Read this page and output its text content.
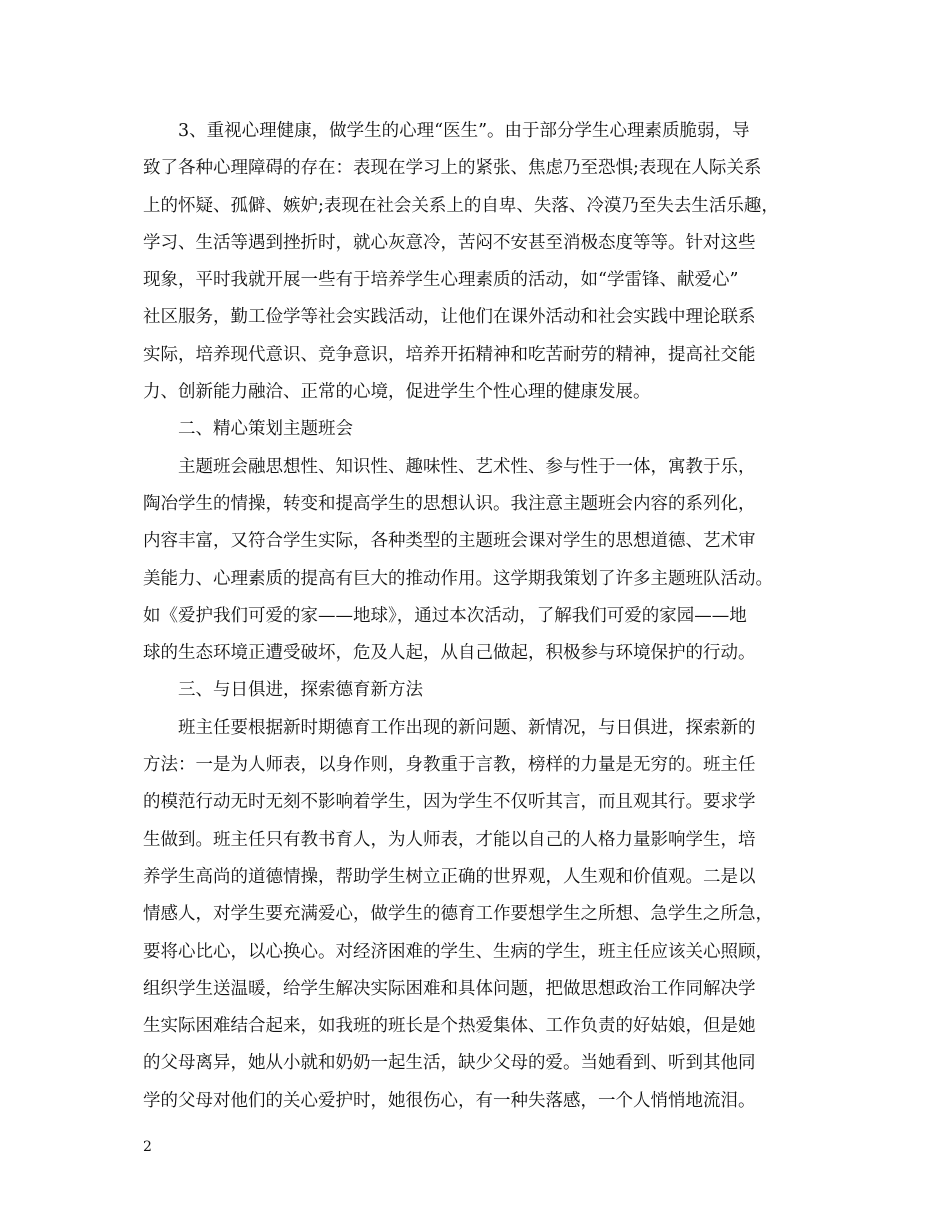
3、重视心理健康，做学生的心理“医生”。由于部分学生心理素质脆弱，导
致了各种心理障碍的存在：表现在学习上的紧张、焦虑乃至恐惧;表现在人际关系
上的怀疑、孤僻、嫉妒;表现在社会关系上的自卑、失落、冷漠乃至失去生活乐趣，
学习、生活等遇到挫折时，就心灰意冷，苦闷不安甚至消极态度等等。针对这些
现象，平时我就开展一些有于培养学生心理素质的活动，如“学雷锋、献爱心”
社区服务，勤工俭学等社会实践活动，让他们在课外活动和社会实践中理论联系
实际，培养现代意识、竞争意识，培养开拓精神和吃苦耐劳的精神，提高社交能
力、创新能力融洽、正常的心境，促进学生个性心理的健康发展。
二、精心策划主题班会
主题班会融思想性、知识性、趣味性、艺术性、参与性于一体，寓教于乐，
陶冶学生的情操，转变和提高学生的思想认识。我注意主题班会内容的系列化，
内容丰富，又符合学生实际，各种类型的主题班会课对学生的思想道德、艺术审
美能力、心理素质的提高有巨大的推动作用。这学期我策划了许多主题班队活动。
如《爱护我们可爱的家——地球》，通过本次活动，了解我们可爱的家园——地
球的生态环境正遭受破坏，危及人起，从自己做起，积极参与环境保护的行动。
三、与日俱进，探索德育新方法
班主任要根据新时期德育工作出现的新问题、新情况，与日俱进，探索新的
方法：一是为人师表，以身作则，身教重于言教，榜样的力量是无穷的。班主任
的模范行动无时无刻不影响着学生，因为学生不仅听其言，而且观其行。要求学
生做到。班主任只有教书育人，为人师表，才能以自己的人格力量影响学生，培
养学生高尚的道德情操，帮助学生树立正确的世界观，人生观和价值观。二是以
情感人，对学生要充满爱心，做学生的德育工作要想学生之所想、急学生之所急，
要将心比心，以心换心。对经济困难的学生、生病的学生，班主任应该关心照顾，
组织学生送温暖，给学生解决实际困难和具体问题，把做思想政治工作同解决学
生实际困难结合起来，如我班的班长是个热爱集体、工作负责的好姑娘，但是她
的父母离异，她从小就和奶奶一起生活，缺少父母的爱。当她看到、听到其他同
学的父母对他们的关心爱护时，她很伤心，有一种失落感，一个人悄悄地流泪。
2
